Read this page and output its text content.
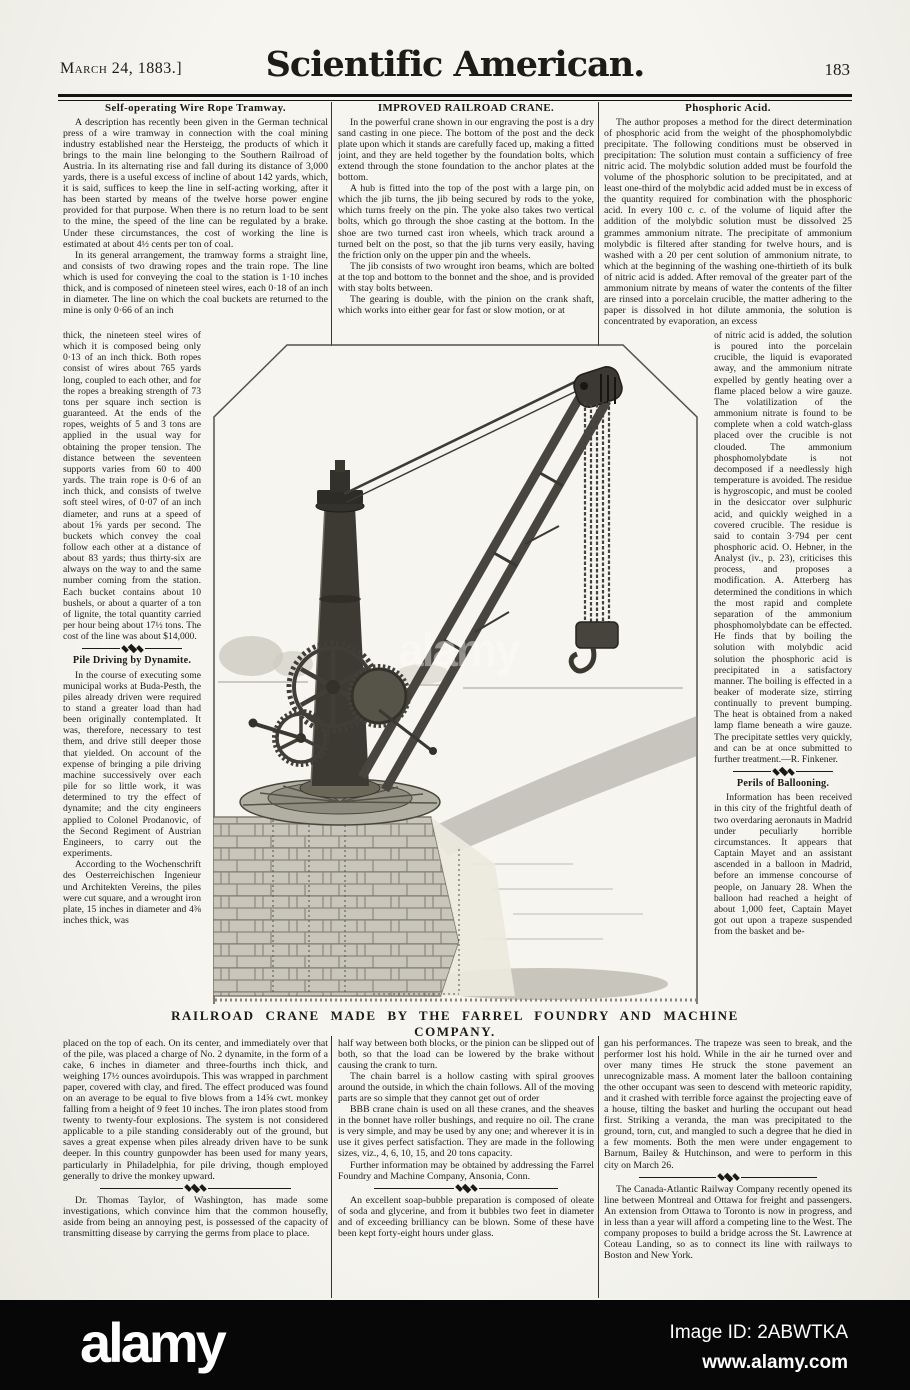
March 24, 1883.]	Scientific American.	183
Self-operating Wire Rope Tramway.

A description has recently been given in the German technical press of a wire tramway in connection with the coal mining industry established near the Hersteigg, the products of which it brings to the main line belonging to the Southern Railroad of Austria. In its alternating rise and fall during its distance of 3,000 yards, there is a useful excess of incline of about 142 yards, which, it is said, suffices to keep the line in self-acting working, after it has been started by means of the twelve horse power engine provided for that purpose. When there is no return load to be sent to the mine, the speed of the line can be regulated by a brake. Under these circumstances, the cost of working the line is estimated at about 4½ cents per ton of coal.

In its general arrangement, the tramway forms a straight line, and consists of two drawing ropes and the train rope. The line which is used for conveying the coal to the station is 1·10 inches thick, and is composed of nineteen steel wires, each 0·18 of an inch in diameter. The line on which the coal buckets are returned to the mine is only 0·66 of an inch

thick, the nineteen steel wires of which it is composed being only 0·13 of an inch thick. Both ropes consist of wires about 765 yards long, coupled to each other, and for the ropes a breaking strength of 73 tons per square inch section is guaranteed. At the ends of the ropes, weights of 5 and 3 tons are applied in the usual way for obtaining the proper tension. The distance between the seventeen supports varies from 60 to 400 yards. The train rope is 0·6 of an inch thick, and consists of twelve soft steel wires, of 0·07 of an inch diameter, and runs at a speed of about 1⅝ yards per second. The buckets which convey the coal follow each other at a distance of about 83 yards; thus thirty-six are always on the way to and the same number coming from the station. Each bucket contains about 10 bushels, or about a quarter of a ton of lignite, the total quantity carried per hour being about 17½ tons. The cost of the line was about $14,000.

Pile Driving by Dynamite.

In the course of executing some municipal works at Buda-Pesth, the piles already driven were required to stand a greater load than had been originally contemplated. It was, therefore, necessary to test them, and drive still deeper those that yielded. On account of the expense of bringing a pile driving machine successively over each pile for so little work, it was determined to try the effect of dynamite; and the city engineers applied to Colonel Prodanovic, of the Second Regiment of Austrian Engineers, to carry out the experiments.

According to the Wochenschrift des Oesterreichischen Ingenieur und Architekten Vereins, the piles were cut square, and a wrought iron plate, 15 inches in diameter and 4⅜ inches thick, was

IMPROVED RAILROAD CRANE.

In the powerful crane shown in our engraving the post is a dry sand casting in one piece. The bottom of the post and the deck plate upon which it stands are carefully faced up, making a fitted joint, and they are held together by the foundation bolts, which extend through the stone foundation to the anchor plates at the bottom.

A hub is fitted into the top of the post with a large pin, on which the jib turns, the jib being secured by rods to the yoke, which turns freely on the pin. The yoke also takes two vertical bolts, which go through the shoe casting at the bottom. In the shoe are two turned cast iron wheels, which track around a turned belt on the post, so that the jib turns very easily, having the friction only on the upper pin and the wheels.

The jib consists of two wrought iron beams, which are bolted at the top and bottom to the bonnet and the shoe, and is provided with stay bolts between.

The gearing is double, with the pinion on the crank shaft, which works into either gear for fast or slow motion, or at

Phosphoric Acid.

The author proposes a method for the direct determination of phosphoric acid from the weight of the phosphomolybdic precipitate. The following conditions must be observed in precipitation: The solution must contain a sufficiency of free nitric acid. The molybdic solution added must be fourfold the volume of the phosphoric solution to be precipitated, and at least one-third of the molybdic acid added must be in excess of the quantity required for combination with the phosphoric acid. In every 100 c. c. of the volume of liquid after the addition of the molybdic solution must be dissolved 25 grammes ammonium nitrate. The precipitate of ammonium molybdic is filtered after standing for twelve hours, and is washed with a 20 per cent solution of ammonium nitrate, to which at the beginning of the washing one-thirtieth of its bulk of nitric acid is added. After removal of the greater part of the ammonium nitrate by means of water the contents of the filter are rinsed into a porcelain crucible, the matter adhering to the paper is dissolved in hot dilute ammonia, the solution is concentrated by evaporation, an excess

of nitric acid is added, the solution is poured into the porcelain crucible, the liquid is evaporated away, and the ammonium nitrate expelled by gently heating over a flame placed below a wire gauze. The volatilization of the ammonium nitrate is found to be complete when a cold watch-glass placed over the crucible is not clouded. The ammonium phosphomolybdate is not decomposed if a needlessly high temperature is avoided. The residue is hygroscopic, and must be cooled in the desiccator over sulphuric acid, and quickly weighed in a covered crucible. The residue is said to contain 3·794 per cent phosphoric acid. O. Hebner, in the Analyst (iv., p. 23), criticises this process, and proposes a modification. A. Atterberg has determined the conditions in which the most rapid and complete separation of the ammonium phosphomolybdate can be effected. He finds that by boiling the solution with molybdic acid solution the phosphoric acid is precipitated in a satisfactory manner. The boiling is effected in a beaker of moderate size, stirring continually to prevent bumping. The heat is obtained from a naked lamp flame beneath a wire gauze. The precipitate settles very quickly, and can be at once submitted to further treatment.—R. Finkener.

Perils of Ballooning.

Information has been received in this city of the frightful death of two overdaring aeronauts in Madrid under peculiarly horrible circumstances. It appears that Captain Mayet and an assistant ascended in a balloon in Madrid, before an immense concourse of people, on January 28. When the balloon had reached a height of about 1,000 feet, Captain Mayet got out upon a trapeze suspended from the basket and be-

alamy
RAILROAD CRANE MADE BY THE FARREL FOUNDRY AND MACHINE COMPANY.

placed on the top of each. On its center, and immediately over that of the pile, was placed a charge of No. 2 dynamite, in the form of a cake, 6 inches in diameter and three-fourths inch thick, and weighing 17½ ounces avoirdupois. This was wrapped in parchment paper, covered with clay, and fired. The effect produced was found on an average to be equal to five blows from a 14⅝ cwt. monkey falling from a height of 9 feet 10 inches. The iron plates stood from twenty to twenty-four explosions. The system is not considered applicable to a pile standing considerably out of the ground, but saves a great expense when piles already driven have to be sunk deeper. In this country gunpowder has been used for many years, particularly in Philadelphia, for pile driving, though employed generally to drive the monkey upward.

Dr. Thomas Taylor, of Washington, has made some investigations, which convince him that the common housefly, aside from being an annoying pest, is possessed of the capacity of transmitting disease by carrying the germs from place to place.

half way between both blocks, or the pinion can be slipped out of both, so that the load can be lowered by the brake without causing the crank to turn.

The chain barrel is a hollow casting with spiral grooves around the outside, in which the chain follows. All of the moving parts are so simple that they cannot get out of order

BBB crane chain is used on all these cranes, and the sheaves in the bonnet have roller bushings, and require no oil. The crane is very simple, and may be used by any one; and wherever it is in use it gives perfect satisfaction. They are made in the following sizes, viz., 4, 6, 10, 15, and 20 tons capacity.

Further information may be obtained by addressing the Farrel Foundry and Machine Company, Ansonia, Conn.

An excellent soap-bubble preparation is composed of oleate of soda and glycerine, and from it bubbles two feet in diameter and of exceeding brilliancy can be blown. Some of these have been kept forty-eight hours under glass.

gan his performances. The trapeze was seen to break, and the performer lost his hold. While in the air he turned over and over many times He struck the stone pavement an unrecognizable mass. A moment later the balloon containing the other occupant was seen to descend with meteoric rapidity, and it crashed with terrible force against the projecting eave of a house, tilting the basket and hurling the occupant out head first. Striking a veranda, the man was precipitated to the ground, torn, cut, and mangled to such a degree that he died in a few moments. Both the men were under engagement to Barnum, Bailey & Hutchinson, and were to perform in this city on March 26.

The Canada-Atlantic Railway Company recently opened its line between Montreal and Ottawa for freight and passengers. An extension from Ottawa to Toronto is now in progress, and in less than a year will afford a competing line to the West. The company proposes to build a bridge across the St. Lawrence at Coteau Landing, so as to connect its line with railways to Boston and New York.

alamy	Image ID: 2ABWTKA
www.alamy.com
